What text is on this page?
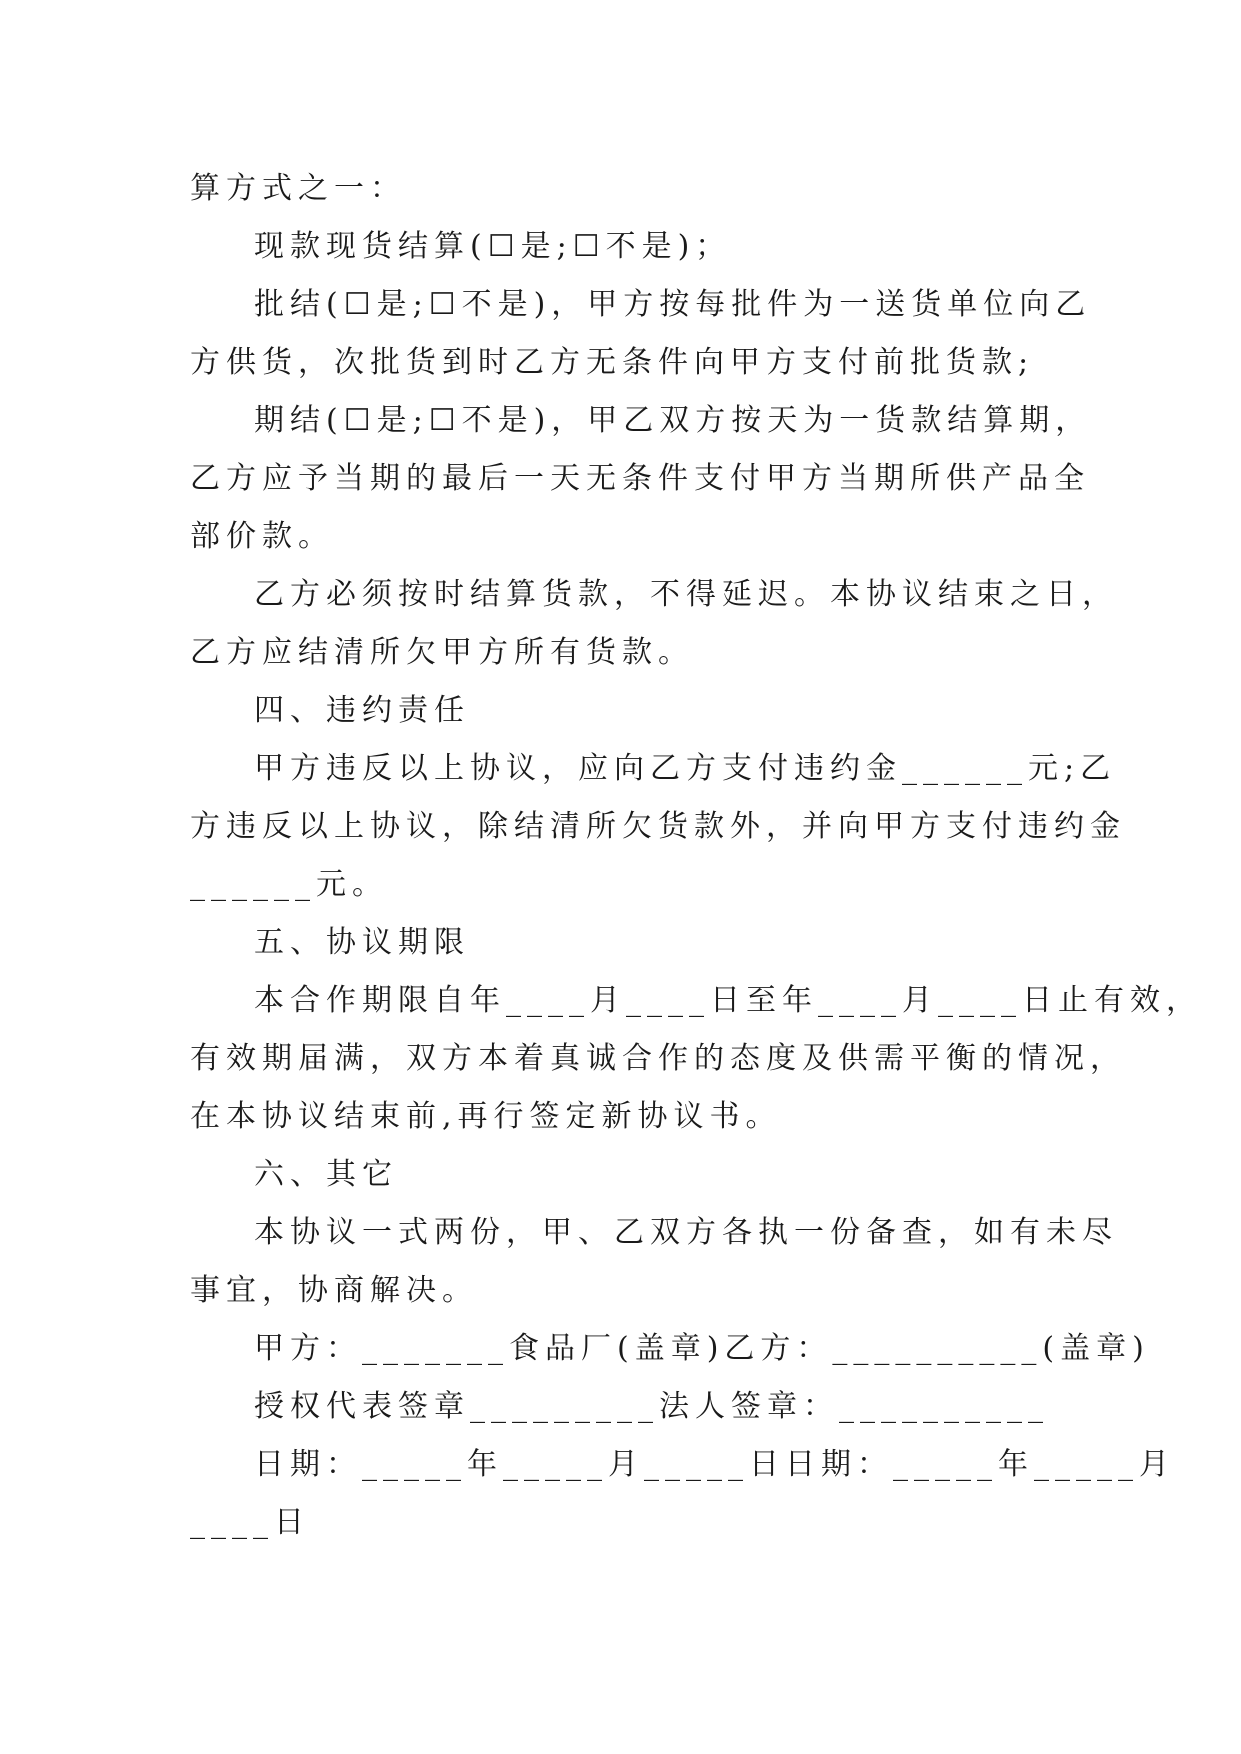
算方式之一：
现款现货结算(☐是;☐不是)；
批结(☐是;☐不是)，甲方按每批件为一送货单位向乙
方供货，次批货到时乙方无条件向甲方支付前批货款;
期结(☐是;☐不是)，甲乙双方按天为一货款结算期，
乙方应予当期的最后一天无条件支付甲方当期所供产品全
部价款。
乙方必须按时结算货款，不得延迟。本协议结束之日，
乙方应结清所欠甲方所有货款。
四、违约责任
甲方违反以上协议，应向乙方支付违约金______元;乙
方违反以上协议，除结清所欠货款外，并向甲方支付违约金
______元。
五、协议期限
本合作期限自年____月____日至年____月____日止有效，
有效期届满，双方本着真诚合作的态度及供需平衡的情况，
在本协议结束前,再行签定新协议书。
六、其它
本协议一式两份，甲、乙双方各执一份备查，如有未尽
事宜，协商解决。
甲方：_______食品厂(盖章)乙方：__________(盖章)
授权代表签章_________法人签章：__________
日期：_____年_____月_____日日期：_____年_____月
____日
